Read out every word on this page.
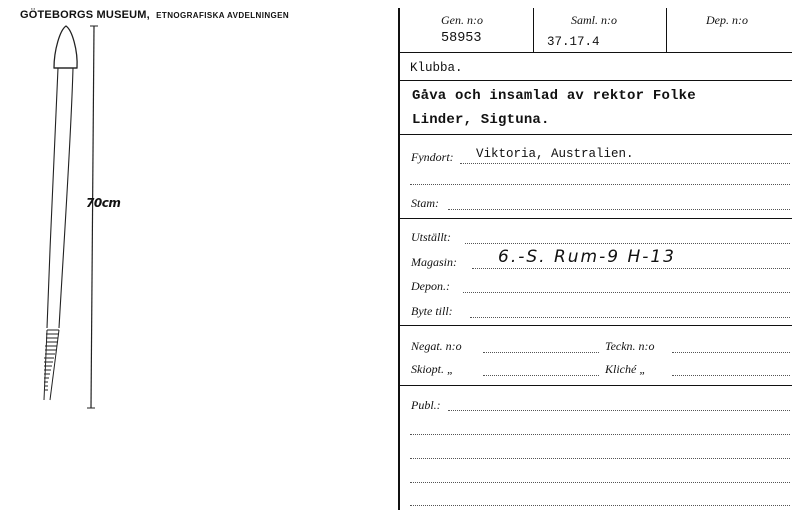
GÖTEBORGS MUSEUM, ETNOGRAFISKA AVDELNINGEN
70cm
Gen. n:o
58953
Saml. n:o
37.17.4
Dep. n:o
Klubba.
Gåva och insamlad av rektor Folke
Linder, Sigtuna.
Fyndort: Viktoria, Australien.
Stam:
Utställt:
Magasin: 6.-S. Rum-9 H-13
Depon.:
Byte till:
Negat. n:o	Teckn. n:o
Skiopt. „	Kliché „
Publ.:
